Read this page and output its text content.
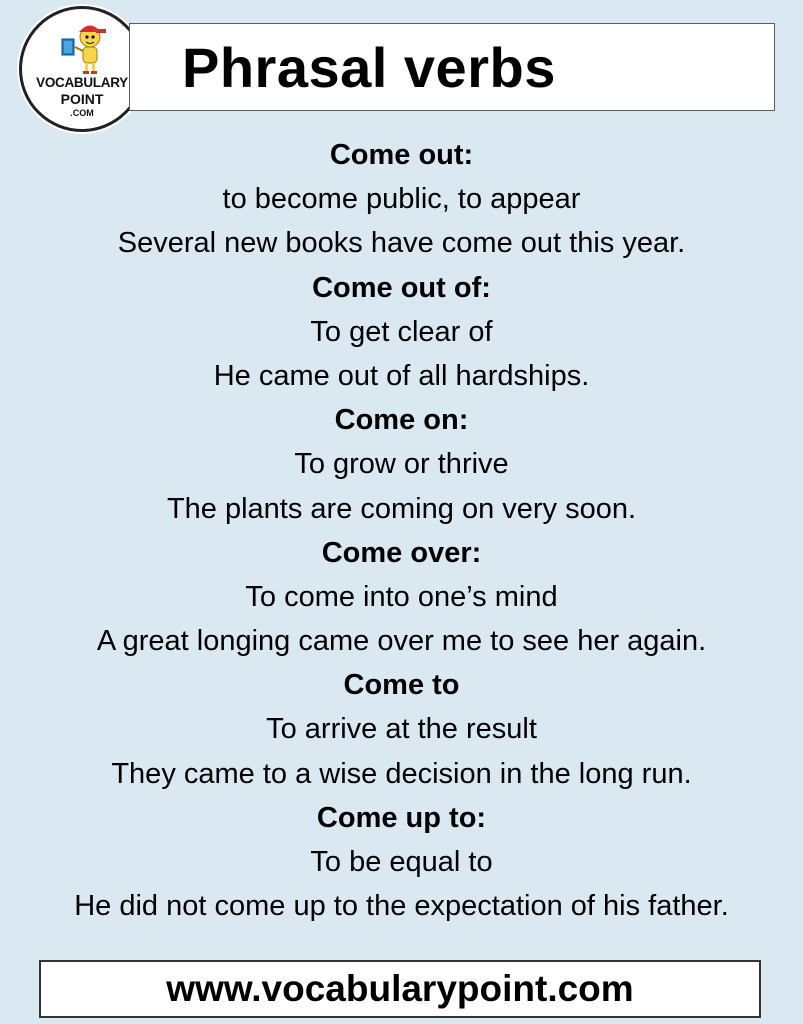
VOCABULARY
POINT
.COM
Phrasal verbs
Come out:
to become public, to appear
Several new books have come out this year.
Come out of:
To get clear of
He came out of all hardships.
Come on:
To grow or thrive
The plants are coming on very soon.
Come over:
To come into one’s mind
A great longing came over me to see her again.
Come to
To arrive at the result
They came to a wise decision in the long run.
Come up to:
To be equal to
He did not come up to the expectation of his father.
www.vocabularypoint.com
